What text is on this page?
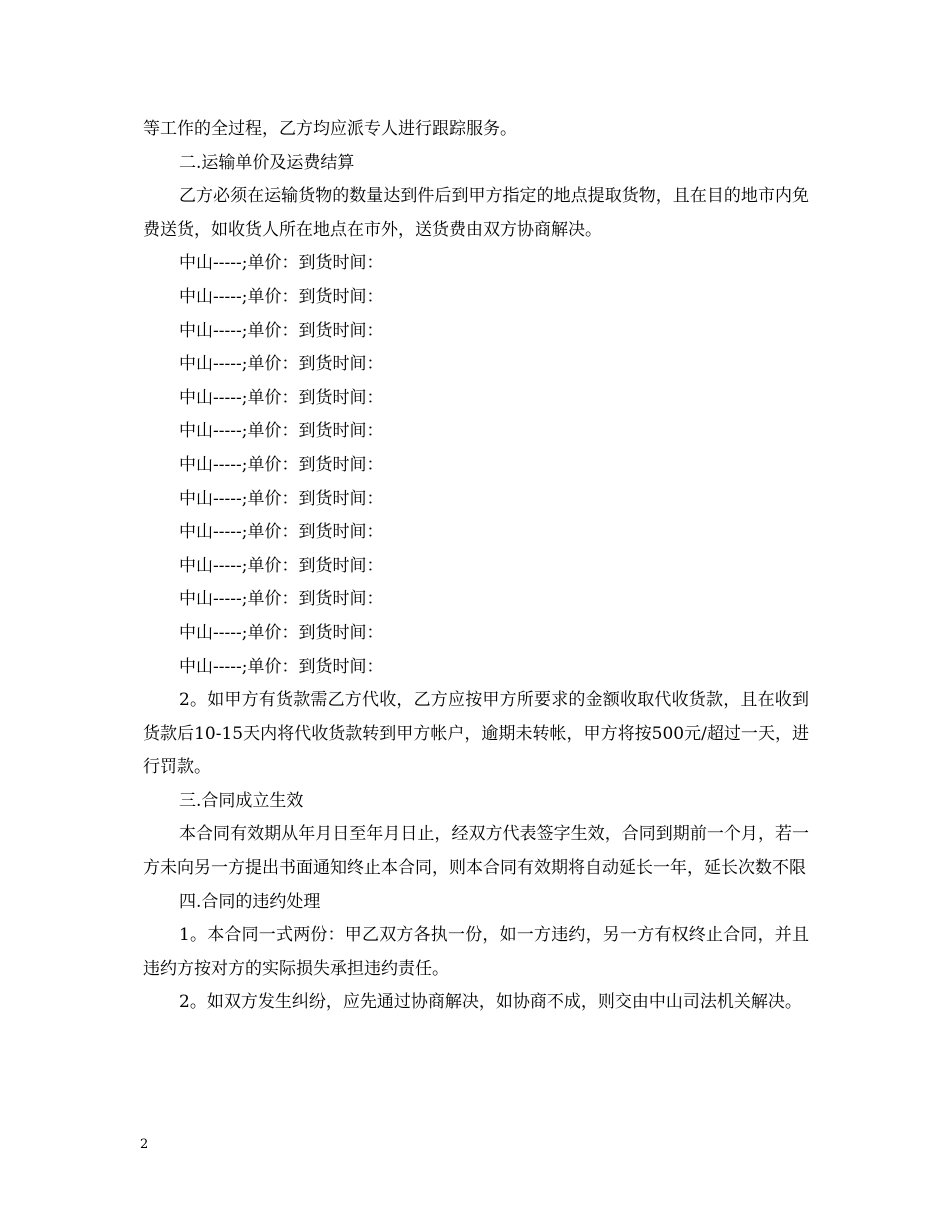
等工作的全过程，乙方均应派专人进行跟踪服务。

二.运输单价及运费结算

乙方必须在运输货物的数量达到件后到甲方指定的地点提取货物，且在目的地市内免费送货，如收货人所在地点在市外，送货费由双方协商解决。

中山-----;单价：到货时间：
中山-----;单价：到货时间：
中山-----;单价：到货时间：
中山-----;单价：到货时间：
中山-----;单价：到货时间：
中山-----;单价：到货时间：
中山-----;单价：到货时间：
中山-----;单价：到货时间：
中山-----;单价：到货时间：
中山-----;单价：到货时间：
中山-----;单价：到货时间：
中山-----;单价：到货时间：
中山-----;单价：到货时间：

2。如甲方有货款需乙方代收，乙方应按甲方所要求的金额收取代收货款，且在收到货款后10-15天内将代收货款转到甲方帐户，逾期未转帐，甲方将按500元/超过一天，进行罚款。

三.合同成立生效

本合同有效期从年月日至年月日止，经双方代表签字生效，合同到期前一个月，若一方未向另一方提出书面通知终止本合同，则本合同有效期将自动延长一年，延长次数不限

四.合同的违约处理

1。本合同一式两份：甲乙双方各执一份，如一方违约，另一方有权终止合同，并且违约方按对方的实际损失承担违约责任。

2。如双方发生纠纷，应先通过协商解决，如协商不成，则交由中山司法机关解决。

2
